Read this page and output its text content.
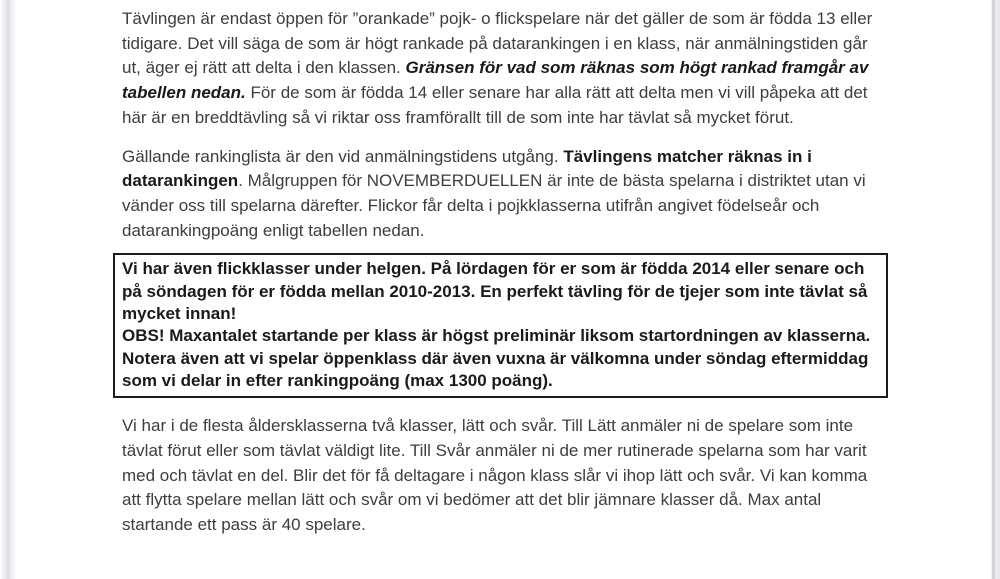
Tävlingen är endast öppen för ”orankade” pojk- o flickspelare när det gäller de som är födda 13 eller tidigare. Det vill säga de som är högt rankade på datarankingen i en klass, när anmälningstiden går ut, äger ej rätt att delta i den klassen. Gränsen för vad som räknas som högt rankad framgår av tabellen nedan. För de som är födda 14 eller senare har alla rätt att delta men vi vill påpeka att det här är en breddtävling så vi riktar oss framförallt till de som inte har tävlat så mycket förut.
Gällande rankinglista är den vid anmälningstidens utgång. Tävlingens matcher räknas in i datarankingen. Målgruppen för NOVEMBERDUELLEN är inte de bästa spelarna i distriktet utan vi vänder oss till spelarna därefter. Flickor får delta i pojkklasserna utifrån angivet födelseår och datarankingpoäng enligt tabellen nedan.
Vi har även flickklasser under helgen. På lördagen för er som är födda 2014 eller senare och på söndagen för er födda mellan 2010-2013. En perfekt tävling för de tjejer som inte tävlat så mycket innan!
OBS! Maxantalet startande per klass är högst preliminär liksom startordningen av klasserna.
Notera även att vi spelar öppenklass där även vuxna är välkomna under söndag eftermiddag som vi delar in efter rankingpoäng (max 1300 poäng).
Vi har i de flesta åldersklasserna två klasser, lätt och svår. Till Lätt anmäler ni de spelare som inte tävlat förut eller som tävlat väldigt lite. Till Svår anmäler ni de mer rutinerade spelarna som har varit med och tävlat en del. Blir det för få deltagare i någon klass slår vi ihop lätt och svår. Vi kan komma att flytta spelare mellan lätt och svår om vi bedömer att det blir jämnare klasser då. Max antal startande ett pass är 40 spelare.
